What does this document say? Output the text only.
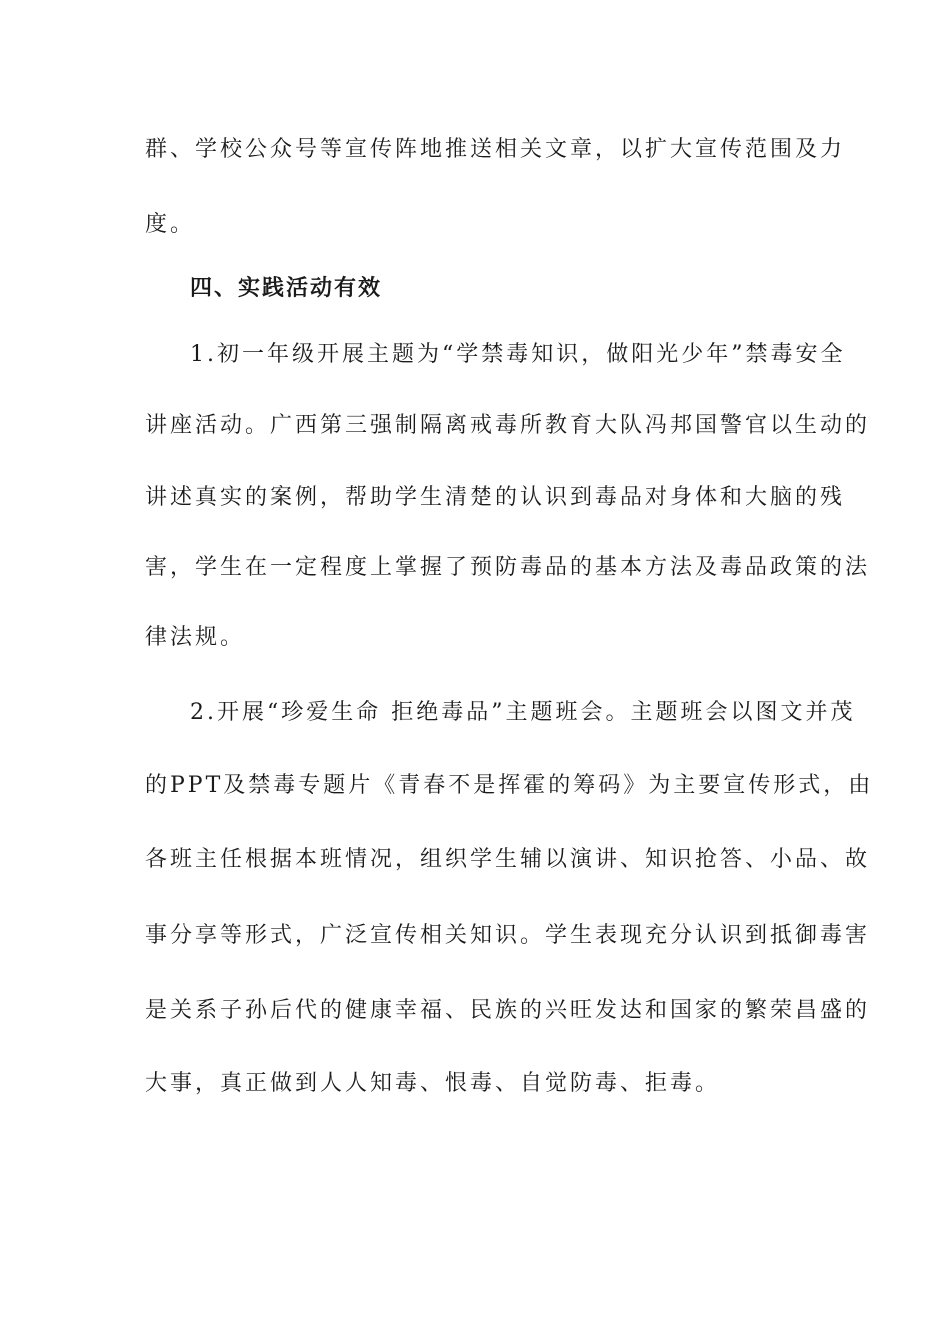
群、学校公众号等宣传阵地推送相关文章，以扩大宣传范围及力
度。
四、实践活动有效
1.初一年级开展主题为“学禁毒知识，做阳光少年”禁毒安全
讲座活动。广西第三强制隔离戒毒所教育大队冯邦国警官以生动的
讲述真实的案例，帮助学生清楚的认识到毒品对身体和大脑的残
害，学生在一定程度上掌握了预防毒品的基本方法及毒品政策的法
律法规。
2.开展“珍爱生命 拒绝毒品”主题班会。主题班会以图文并茂
的PPT及禁毒专题片《青春不是挥霍的筹码》为主要宣传形式，由
各班主任根据本班情况，组织学生辅以演讲、知识抢答、小品、故
事分享等形式，广泛宣传相关知识。学生表现充分认识到抵御毒害
是关系子孙后代的健康幸福、民族的兴旺发达和国家的繁荣昌盛的
大事，真正做到人人知毒、恨毒、自觉防毒、拒毒。
